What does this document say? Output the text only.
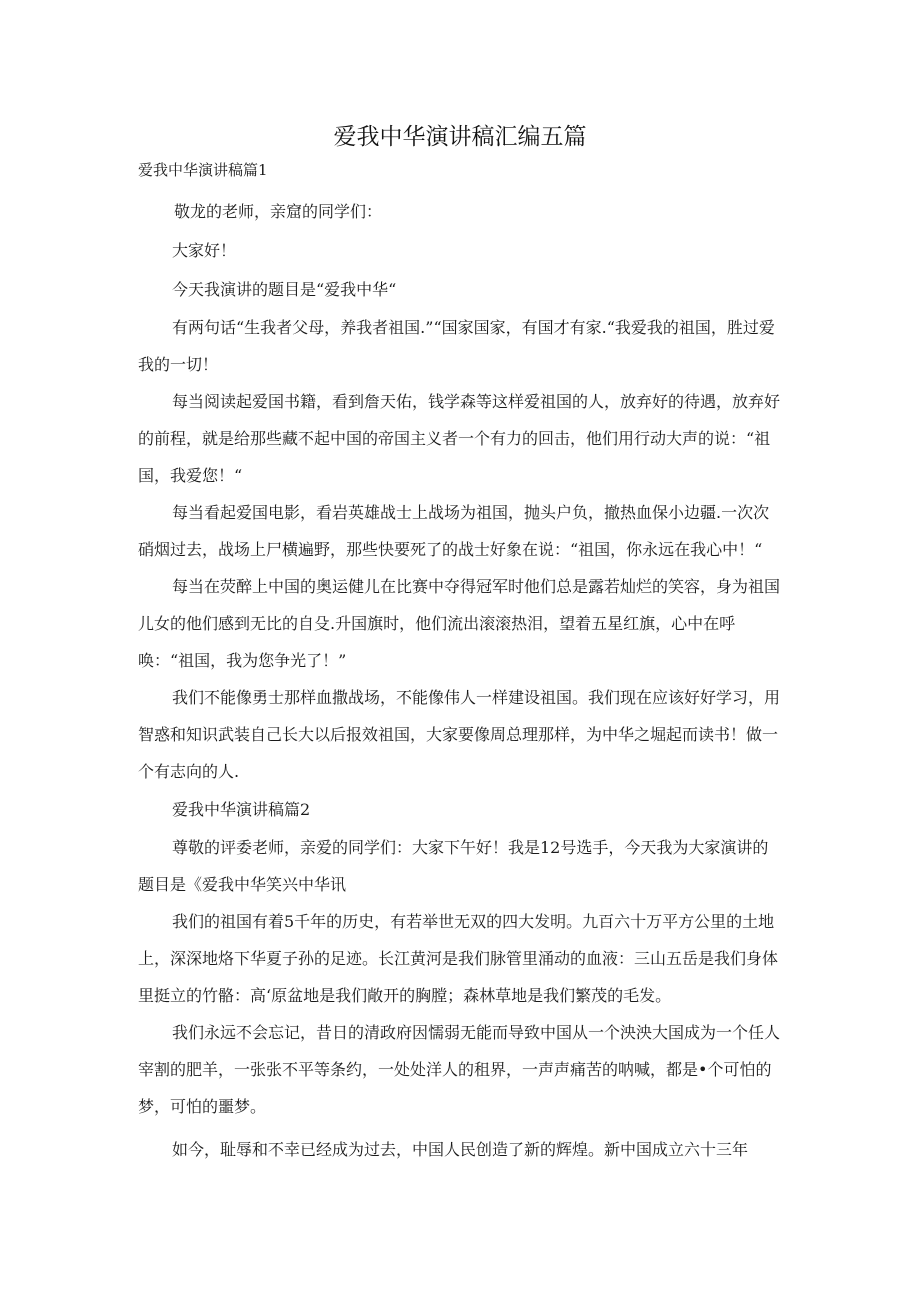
爱我中华演讲稿汇编五篇
爱我中华演讲稿篇1

敬龙的老师，亲窟的同学们：

大家好！

今天我演讲的题目是“爱我中华“

有两句话“生我者父母，养我者祖国.”“国家国家，有国才有家.“我爱我的祖国，胜过爱我的一切！

每当阅读起爱国书籍，看到詹天佑，钱学森等这样爱祖国的人，放弃好的待遇，放弃好的前程，就是给那些藏不起中国的帝国主义者一个有力的回击，他们用行动大声的说：“祖国，我爱您！“

每当看起爱国电影，看岩英雄战士上战场为祖国，抛头户负，撤热血保小边疆.一次次硝烟过去，战场上尸横遍野，那些快要死了的战士好象在说：“祖国，你永远在我心中！“

每当在荧醉上中国的奥运健儿在比赛中夺得冠军时他们总是露若灿烂的笑容，身为祖国儿女的他们感到无比的自殳.升国旗时，他们流出滚滚热泪，望着五星红旗，心中在呼唤：“祖国，我为您争光了！”

我们不能像勇士那样血撒战场，不能像伟人一样建设祖国。我们现在应该好好学习，用智惑和知识武装自己长大以后报效祖国，大家要像周总理那样，为中华之堀起而读书！做一个有志向的人.

爱我中华演讲稿篇2

尊敬的评委老师，亲爱的同学们：大家下午好！我是12号选手，今天我为大家演讲的题目是《爱我中华笑兴中华讯

我们的祖国有着5千年的历史，有若举世无双的四大发明。九百六十万平方公里的土地上，深深地烙下华夏子孙的足迹。长江黄河是我们脉管里涌动的血液：三山五岳是我们身体里挺立的竹骼：高‘原盆地是我们敞开的胸膛；森林草地是我们繁茂的毛发。

我们永远不会忘记，昔日的清政府因懦弱无能而导致中国从一个泱泱大国成为一个任人宰割的肥羊，一张张不平等条约，一处处洋人的租界，一声声痛苦的呐喊，都是•个可怕的梦，可怕的噩梦。

如今，耻辱和不幸已经成为过去，中国人民创造了新的辉煌。新中国成立六十三年
